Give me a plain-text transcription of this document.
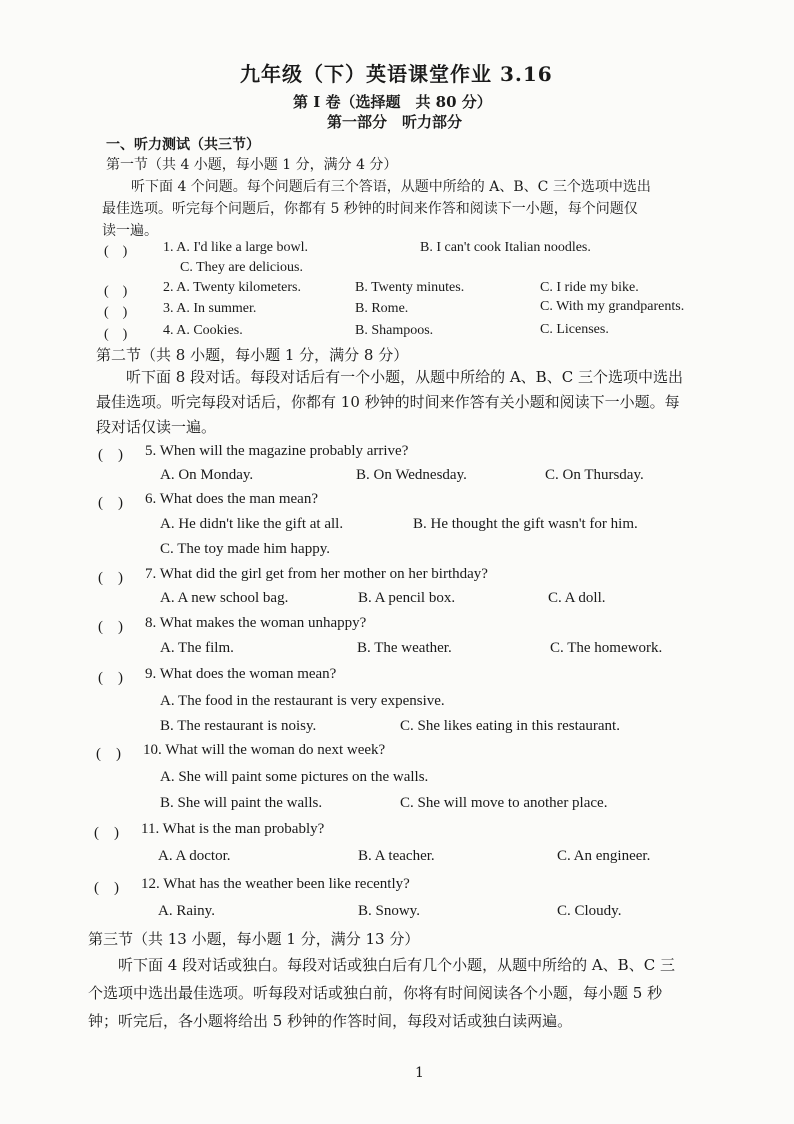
九年级（下）英语课堂作业 3.16
第 I 卷（选择题　共 80 分）
第一部分　听力部分
一、听力测试（共三节）
第一节（共 4 小题，每小题 1 分，满分 4 分）
听下面 4 个问题。每个问题后有三个答语，从题中所给的 A、B、C 三个选项中选出
最佳选项。听完每个问题后，你都有 5 秒钟的时间来作答和阅读下一小题，每个问题仅
读一遍。
(　)	1. A. I'd like a large bowl.	B. I can't cook Italian noodles.
C. They are delicious.
(　)	2. A. Twenty kilometers.	B. Twenty minutes.	C. I ride my bike.
(　)	3. A. In summer.	B. Rome.	C. With my grandparents.
(　)	4. A. Cookies.	B. Shampoos.	C. Licenses.
第二节（共 8 小题，每小题 1 分，满分 8 分）
听下面 8 段对话。每段对话后有一个小题，从题中所给的 A、B、C 三个选项中选出
最佳选项。听完每段对话后，你都有 10 秒钟的时间来作答有关小题和阅读下一小题。每
段对话仅读一遍。
(　) 5. When will the magazine probably arrive?
A. On Monday.	B. On Wednesday.	C. On Thursday.
(　) 6. What does the man mean?
A. He didn't like the gift at all.	B. He thought the gift wasn't for him.
C. The toy made him happy.
(　) 7. What did the girl get from her mother on her birthday?
A. A new school bag.	B. A pencil box.	C. A doll.
(　) 8. What makes the woman unhappy?
A. The film.	B. The weather.	C. The homework.
(　) 9. What does the woman mean?
A. The food in the restaurant is very expensive.
B. The restaurant is noisy.	C. She likes eating in this restaurant.
(　) 10. What will the woman do next week?
A. She will paint some pictures on the walls.
B. She will paint the walls.	C. She will move to another place.
(　) 11. What is the man probably?
A. A doctor.	B. A teacher.	C. An engineer.
(　) 12. What has the weather been like recently?
A. Rainy.	B. Snowy.	C. Cloudy.
第三节（共 13 小题，每小题 1 分，满分 13 分）
听下面 4 段对话或独白。每段对话或独白后有几个小题，从题中所给的 A、B、C 三
个选项中选出最佳选项。听每段对话或独白前，你将有时间阅读各个小题，每小题 5 秒
钟；听完后，各小题将给出 5 秒钟的作答时间，每段对话或独白读两遍。
1
